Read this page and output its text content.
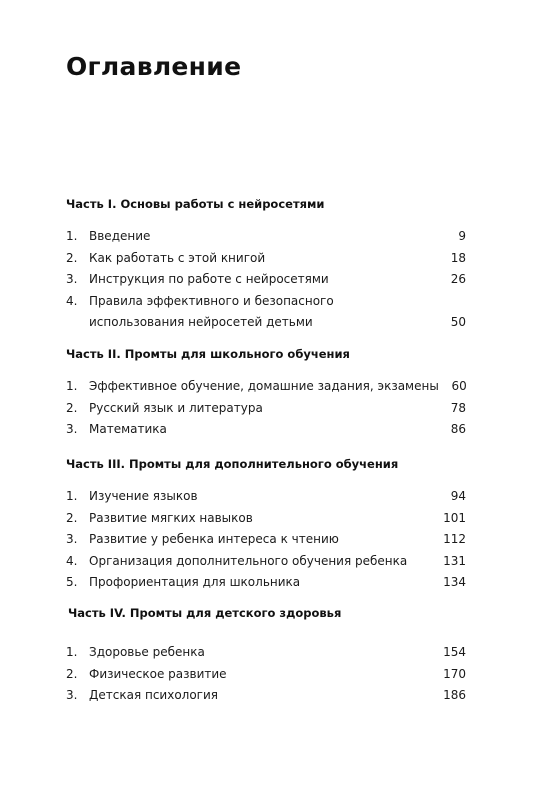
Оглавление
Часть I. Основы работы с нейросетями
1. Введение	9
2. Как работать с этой книгой	18
3. Инструкция по работе с нейросетями	26
4. Правила эффективного и безопасного
использования нейросетей детьми	50
Часть II. Промты для школьного обучения
1. Эффективное обучение, домашние задания, экзамены	60
2. Русский язык и литература	78
3. Математика	86
Часть III. Промты для дополнительного обучения
1. Изучение языков	94
2. Развитие мягких навыков	101
3. Развитие у ребенка интереса к чтению	112
4. Организация дополнительного обучения ребенка	131
5. Профориентация для школьника	134
Часть IV. Промты для детского здоровья
1. Здоровье ребенка	154
2. Физическое развитие	170
3. Детская психология	186
